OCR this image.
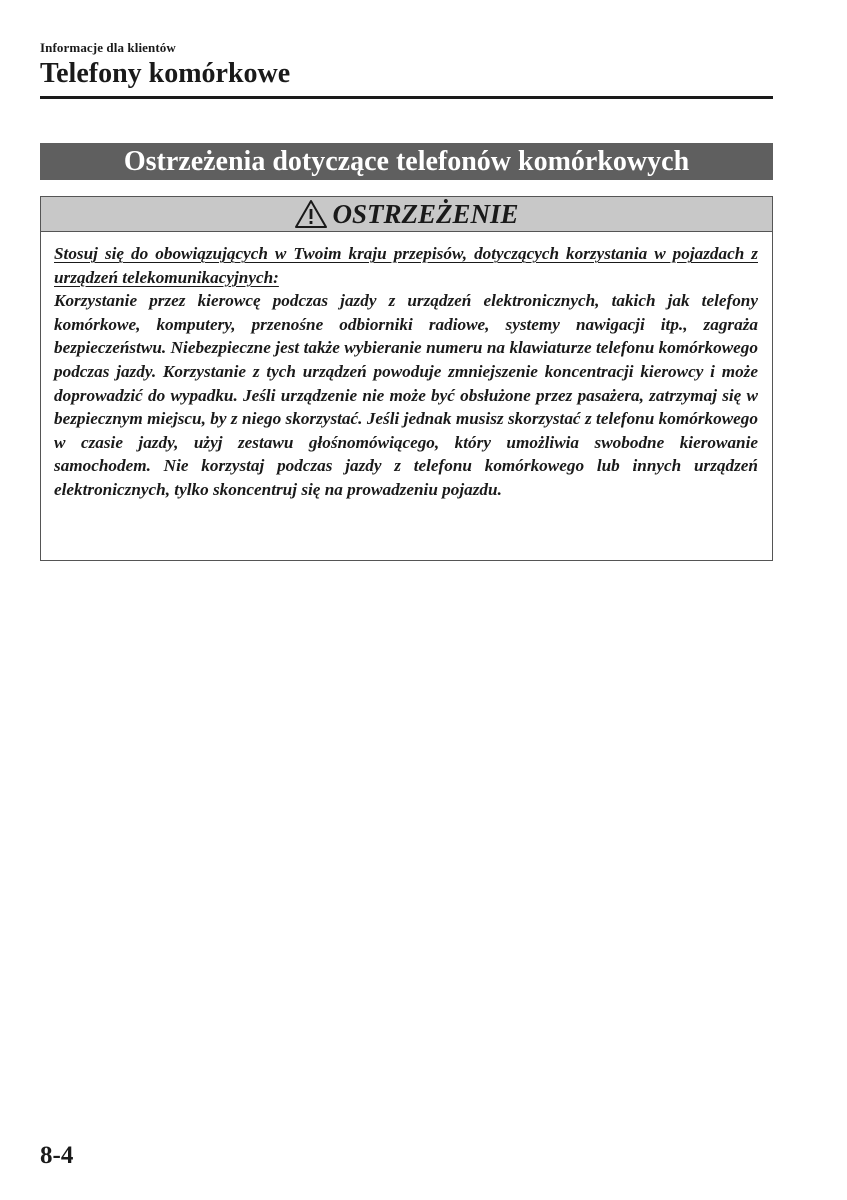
Informacje dla klientów
Telefony komórkowe
Ostrzeżenia dotyczące telefonów komórkowych
OSTRZEŻENIE
Stosuj się do obowiązujących w Twoim kraju przepisów, dotyczących korzystania w pojazdach z urządzeń telekomunikacyjnych:
Korzystanie przez kierowcę podczas jazdy z urządzeń elektronicznych, takich jak telefony komórkowe, komputery, przenośne odbiorniki radiowe, systemy nawigacji itp., zagraża bezpieczeństwu. Niebezpieczne jest także wybieranie numeru na klawiaturze telefonu komórkowego podczas jazdy. Korzystanie z tych urządzeń powoduje zmniejszenie koncentracji kierowcy i może doprowadzić do wypadku. Jeśli urządzenie nie może być obsłużone przez pasażera, zatrzymaj się w bezpiecznym miejscu, by z niego skorzystać. Jeśli jednak musisz skorzystać z telefonu komórkowego w czasie jazdy, użyj zestawu głośnomówiącego, który umożliwia swobodne kierowanie samochodem. Nie korzystaj podczas jazdy z telefonu komórkowego lub innych urządzeń elektronicznych, tylko skoncentruj się na prowadzeniu pojazdu.
8-4
